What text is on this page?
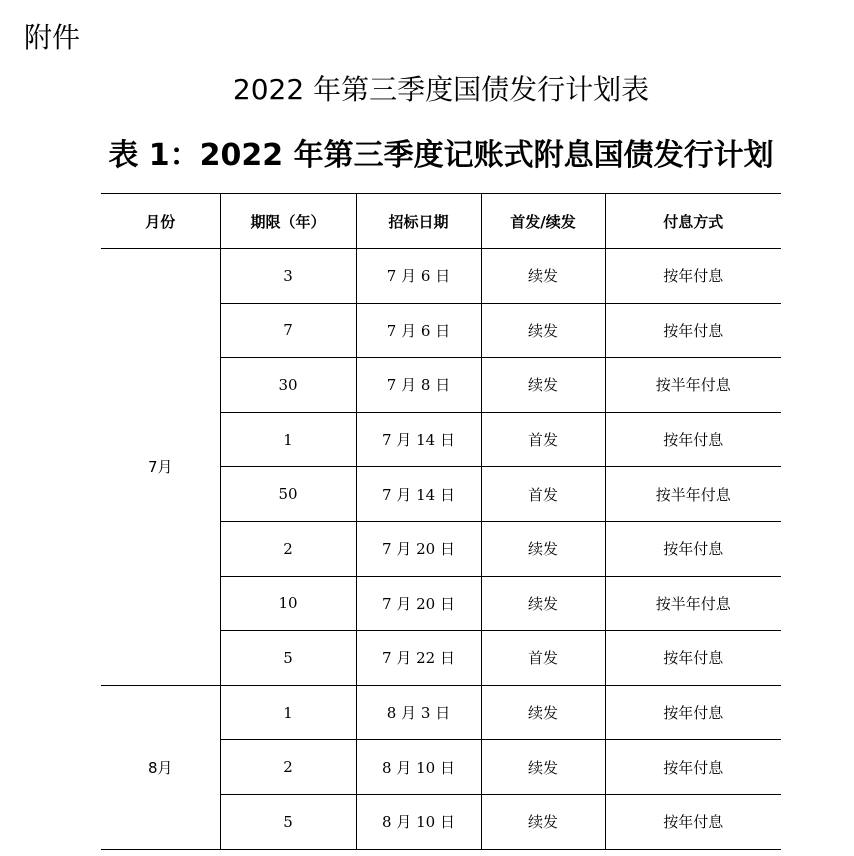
附件
2022 年第三季度国债发行计划表
表 1：2022 年第三季度记账式附息国债发行计划
月份	期限（年）	招标日期	首发/续发	付息方式
7月	3	7 月 6 日	续发	按年付息
	7	7 月 6 日	续发	按年付息
	30	7 月 8 日	续发	按半年付息
	1	7 月 14 日	首发	按年付息
	50	7 月 14 日	首发	按半年付息
	2	7 月 20 日	续发	按年付息
	10	7 月 20 日	续发	按半年付息
	5	7 月 22 日	首发	按年付息
8月	1	8 月 3 日	续发	按年付息
	2	8 月 10 日	续发	按年付息
	5	8 月 10 日	续发	按年付息
